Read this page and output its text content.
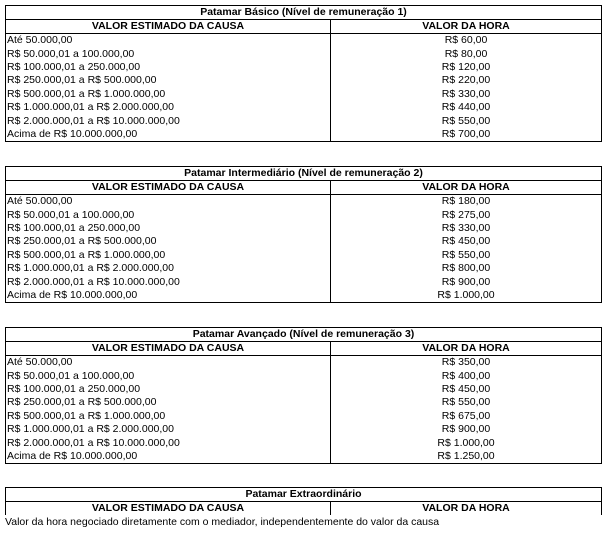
Patamar Básico (Nível de remuneração 1)	
VALOR ESTIMADO DA CAUSA	VALOR DA HORA
Até 50.000,00	R$ 60,00
R$ 50.000,01 a 100.000,00	R$ 80,00
R$ 100.000,01 a 250.000,00	R$ 120,00
R$ 250.000,01 a R$ 500.000,00	R$ 220,00
R$ 500.000,01 a R$ 1.000.000,00	R$ 330,00
R$ 1.000.000,01 a R$ 2.000.000,00	R$ 440,00
R$ 2.000.000,01 a R$ 10.000.000,00	R$ 550,00
Acima de R$ 10.000.000,00	R$ 700,00
Patamar Intermediário (Nível de remuneração 2)	
VALOR ESTIMADO DA CAUSA	VALOR DA HORA
Até 50.000,00	R$ 180,00
R$ 50.000,01 a 100.000,00	R$ 275,00
R$ 100.000,01 a 250.000,00	R$ 330,00
R$ 250.000,01 a R$ 500.000,00	R$ 450,00
R$ 500.000,01 a R$ 1.000.000,00	R$ 550,00
R$ 1.000.000,01 a R$ 2.000.000,00	R$ 800,00
R$ 2.000.000,01 a R$ 10.000.000,00	R$ 900,00
Acima de R$ 10.000.000,00	R$ 1.000,00
Patamar Avançado (Nível de remuneração 3)	
VALOR ESTIMADO DA CAUSA	VALOR DA HORA
Até 50.000,00	R$ 350,00
R$ 50.000,01 a 100.000,00	R$ 400,00
R$ 100.000,01 a 250.000,00	R$ 450,00
R$ 250.000,01 a R$ 500.000,00	R$ 550,00
R$ 500.000,01 a R$ 1.000.000,00	R$ 675,00
R$ 1.000.000,01 a R$ 2.000.000,00	R$ 900,00
R$ 2.000.000,01 a R$ 10.000.000,00	R$ 1.000,00
Acima de R$ 10.000.000,00	R$ 1.250,00
Patamar Extraordinário
VALOR ESTIMADO DA CAUSA	VALOR DA HORA
Valor da hora negociado diretamente com o mediador, independentemente do valor da causa
